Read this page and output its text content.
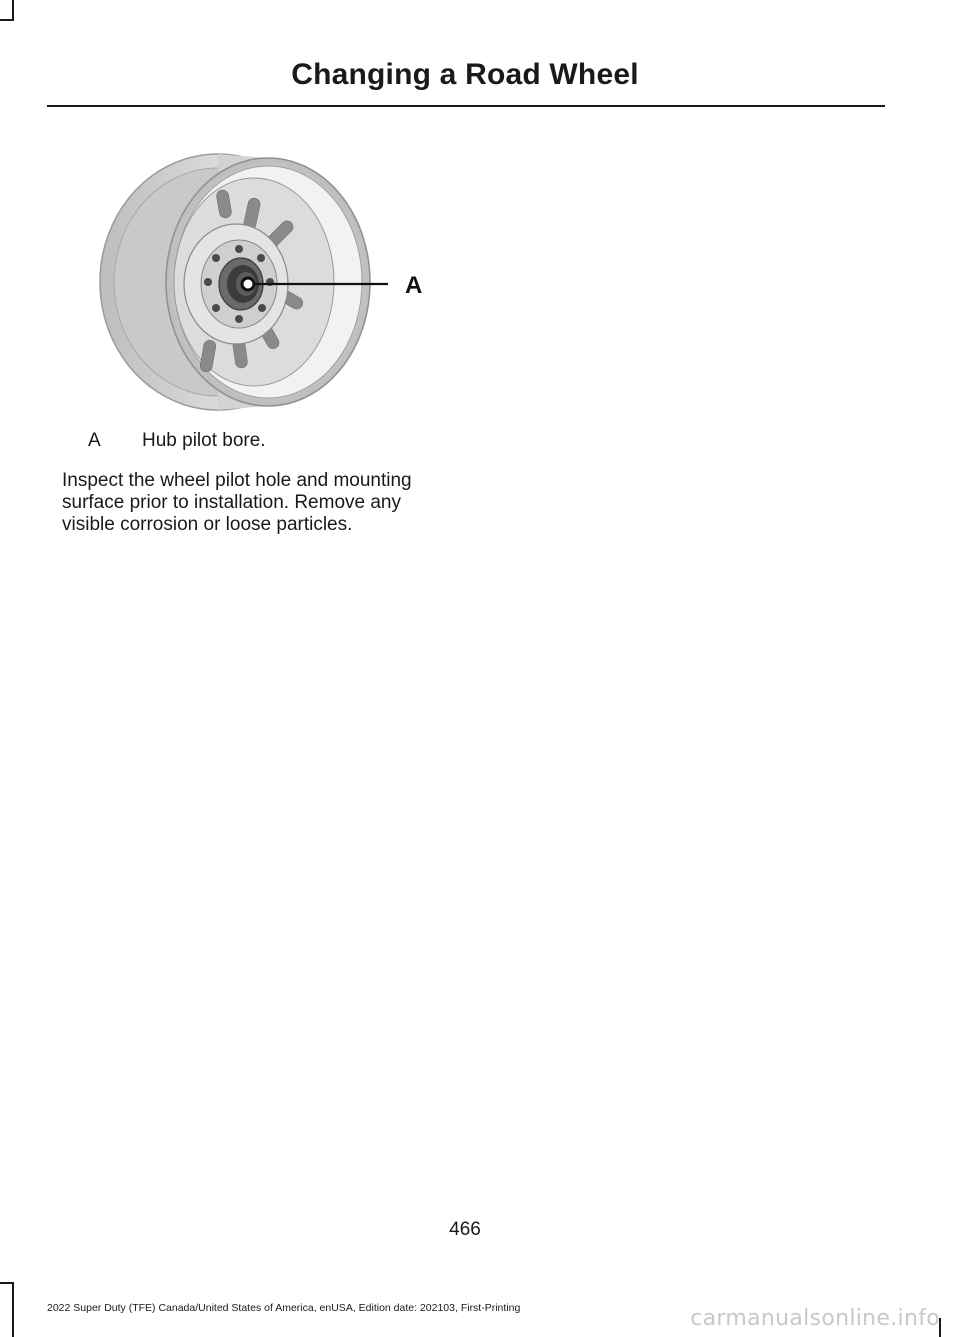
Changing a Road Wheel
A
A Hub pilot bore.

Inspect the wheel pilot hole and mounting surface prior to installation. Remove any visible corrosion or loose particles.

466
2022 Super Duty (TFE) Canada/United States of America, enUSA, Edition date: 202103, First-Printing	carmanualsonline.info
